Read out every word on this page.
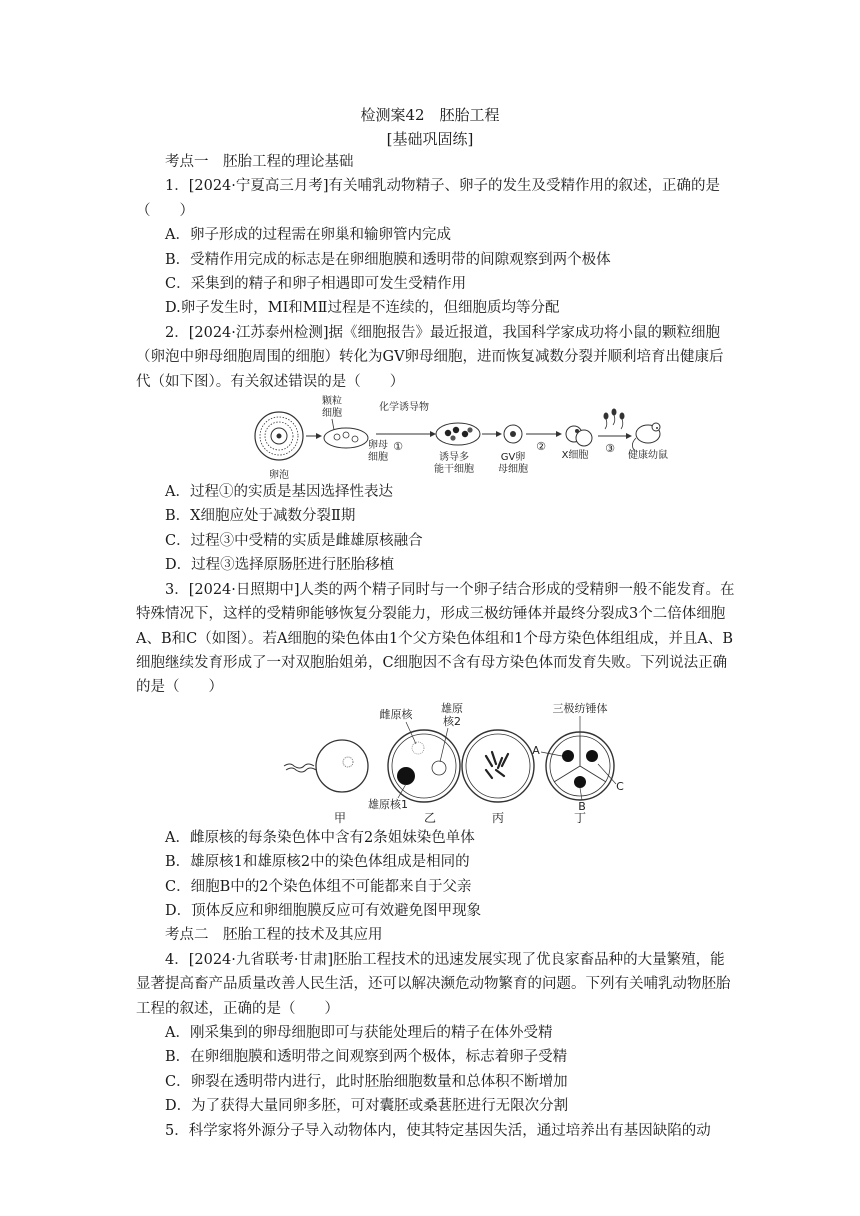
检测案42　胚胎工程
[基础巩固练]

考点一　胚胎工程的理论基础

1．[2024·宁夏高三月考]有关哺乳动物精子、卵子的发生及受精作用的叙述，正确的是（　　）

A．卵子形成的过程需在卵巢和输卵管内完成

B．受精作用完成的标志是在卵细胞膜和透明带的间隙观察到两个极体

C．采集到的精子和卵子相遇即可发生受精作用

D.卵子发生时，MⅠ和MⅡ过程是不连续的，但细胞质均等分配

2．[2024·江苏泰州检测]据《细胞报告》最近报道，我国科学家成功将小鼠的颗粒细胞（卵泡中卵母细胞周围的细胞）转化为GV卵母细胞，进而恢复减数分裂并顺利培育出健康后代（如下图）。有关叙述错误的是（　　）

卵泡
颗粒
细胞
卵母
细胞
化学诱导物
①
诱导多
能干细胞
GV卵
母细胞
②
X细胞
③
健康幼鼠

A．过程①的实质是基因选择性表达

B．X细胞应处于减数分裂Ⅱ期

C．过程③中受精的实质是雌雄原核融合

D．过程③选择原肠胚进行胚胎移植

3．[2024·日照期中]人类的两个精子同时与一个卵子结合形成的受精卵一般不能发育。在特殊情况下，这样的受精卵能够恢复分裂能力，形成三极纺锤体并最终分裂成3个二倍体细胞A、B和C（如图）。若A细胞的染色体由1个父方染色体组和1个母方染色体组组成，并且A、B细胞继续发育形成了一对双胞胎姐弟，C细胞因不含有母方染色体而发育失败。下列说法正确的是（　　）

甲
雌原核	雄原
核2
雄原核1
乙	丙
三极纺锤体
A
C
B
丁

A．雌原核的每条染色体中含有2条姐妹染色单体

B．雄原核1和雄原核2中的染色体组成是相同的

C．细胞B中的2个染色体组不可能都来自于父亲

D．顶体反应和卵细胞膜反应可有效避免图甲现象

考点二　胚胎工程的技术及其应用

4．[2024·九省联考·甘肃]胚胎工程技术的迅速发展实现了优良家畜品种的大量繁殖，能显著提高畜产品质量改善人民生活，还可以解决濒危动物繁育的问题。下列有关哺乳动物胚胎工程的叙述，正确的是（　　）

A．刚采集到的卵母细胞即可与获能处理后的精子在体外受精

B．在卵细胞膜和透明带之间观察到两个极体，标志着卵子受精

C．卵裂在透明带内进行，此时胚胎细胞数量和总体积不断增加

D．为了获得大量同卵多胚，可对囊胚或桑葚胚进行无限次分割

5．科学家将外源分子导入动物体内，使其特定基因失活，通过培养出有基因缺陷的动
